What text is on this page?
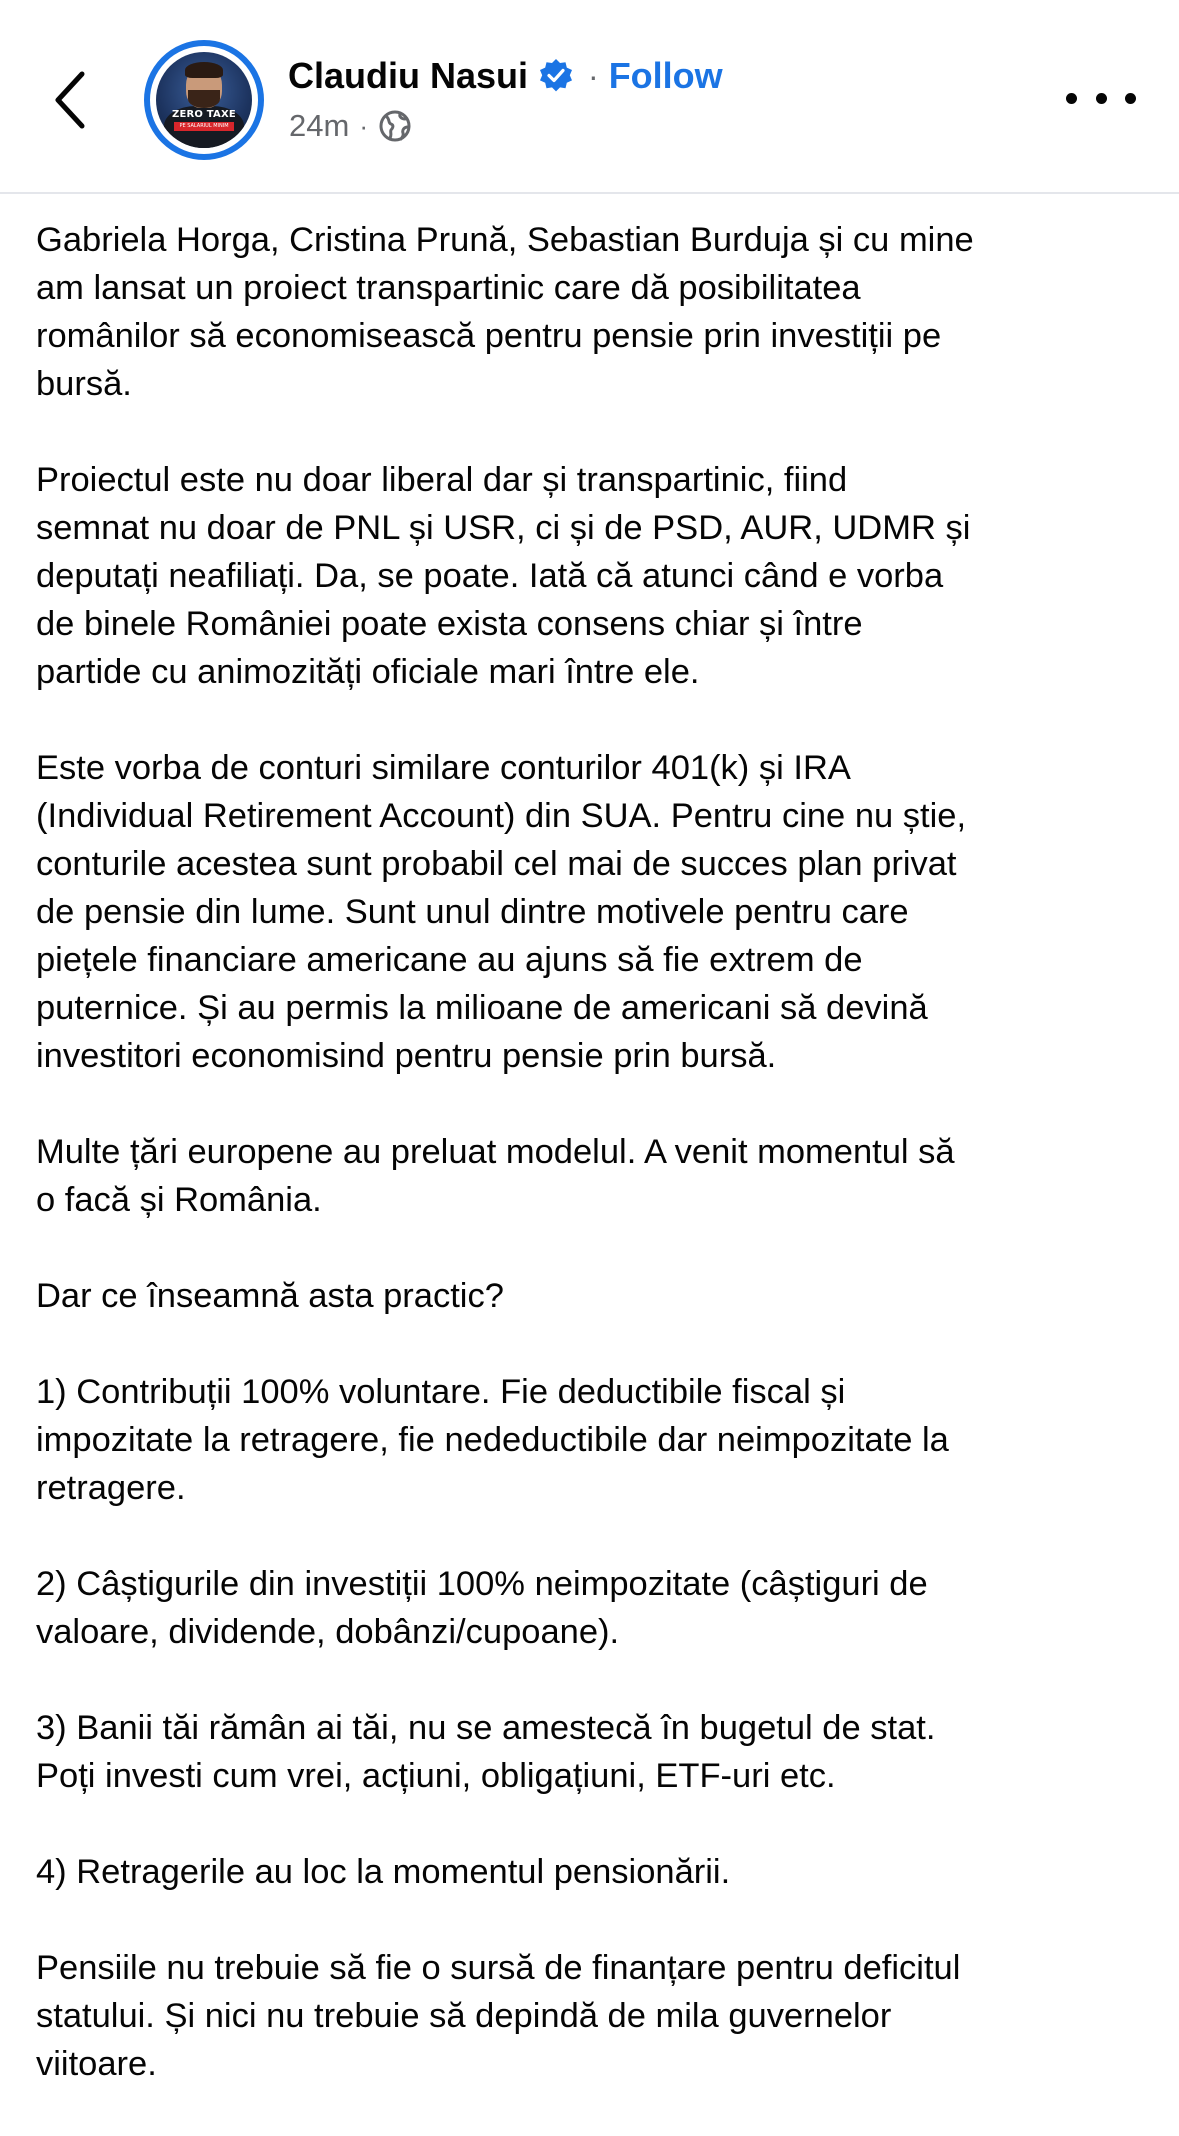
ZERO TAXE
PE SALARIUL MINIM
Claudiu Nasui · Follow
24m ·

Gabriela Horga, Cristina Prună, Sebastian Burduja și cu mine
am lansat un proiect transpartinic care dă posibilitatea
românilor să economisească pentru pensie prin investiții pe
bursă.

Proiectul este nu doar liberal dar și transpartinic, fiind
semnat nu doar de PNL și USR, ci și de PSD, AUR, UDMR și
deputați neafiliați. Da, se poate. Iată că atunci când e vorba
de binele României poate exista consens chiar și între
partide cu animozități oficiale mari între ele.

Este vorba de conturi similare conturilor 401(k) și IRA
(Individual Retirement Account) din SUA. Pentru cine nu știe,
conturile acestea sunt probabil cel mai de succes plan privat
de pensie din lume. Sunt unul dintre motivele pentru care
piețele financiare americane au ajuns să fie extrem de
puternice. Și au permis la milioane de americani să devină
investitori economisind pentru pensie prin bursă.

Multe țări europene au preluat modelul. A venit momentul să
o facă și România.

Dar ce înseamnă asta practic?

1) Contribuții 100% voluntare. Fie deductibile fiscal și
impozitate la retragere, fie nedeductibile dar neimpozitate la
retragere.

2) Câștigurile din investiții 100% neimpozitate (câștiguri de
valoare, dividende, dobânzi/cupoane).

3) Banii tăi rămân ai tăi, nu se amestecă în bugetul de stat.
Poți investi cum vrei, acțiuni, obligațiuni, ETF-uri etc.

4) Retragerile au loc la momentul pensionării.

Pensiile nu trebuie să fie o sursă de finanțare pentru deficitul
statului. Și nici nu trebuie să depindă de mila guvernelor
viitoare.
